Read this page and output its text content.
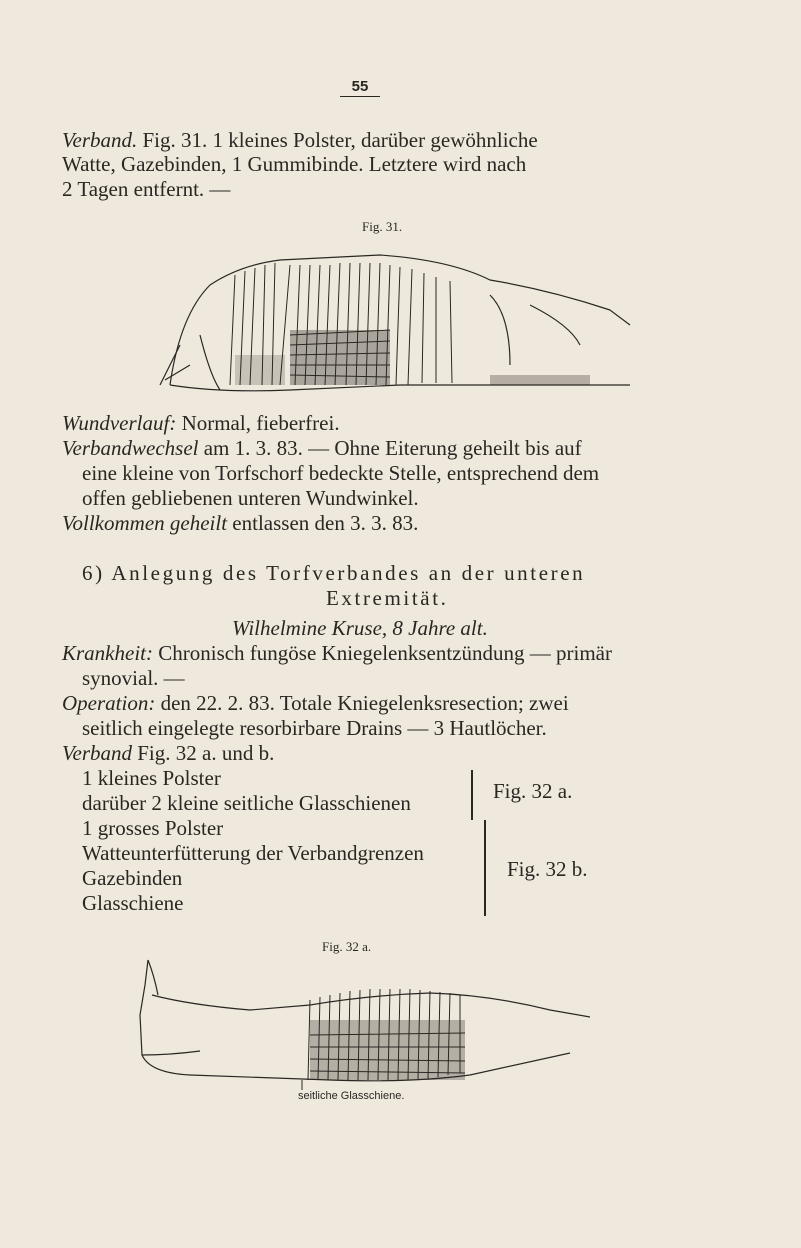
55
Verband. Fig. 31. 1 kleines Polster, darüber gewöhnliche
Watte, Gazebinden, 1 Gummibinde. Letztere wird nach
2 Tagen entfernt. —
Fig. 31.
Wundverlauf: Normal, fieberfrei.
Verbandwechsel am 1. 3. 83. — Ohne Eiterung geheilt bis auf
eine kleine von Torfschorf bedeckte Stelle, entsprechend dem
offen gebliebenen unteren Wundwinkel.
Vollkommen geheilt entlassen den 3. 3. 83.
6) Anlegung des Torfverbandes an der unteren
Extremität.
Wilhelmine Kruse, 8 Jahre alt.
Krankheit: Chronisch fungöse Kniegelenksentzündung — primär
synovial. —
Operation: den 22. 2. 83. Totale Kniegelenksresection; zwei
seitlich eingelegte resorbirbare Drains — 3 Hautlöcher.
Verband Fig. 32 a. und b.
1 kleines Polster
darüber 2 kleine seitliche Glasschienen
1 grosses Polster
Watteunterfütterung der Verbandgrenzen
Gazebinden
Glasschiene
Fig. 32 a.
Fig. 32 b.
Fig. 32 a.
seitliche Glasschiene.
